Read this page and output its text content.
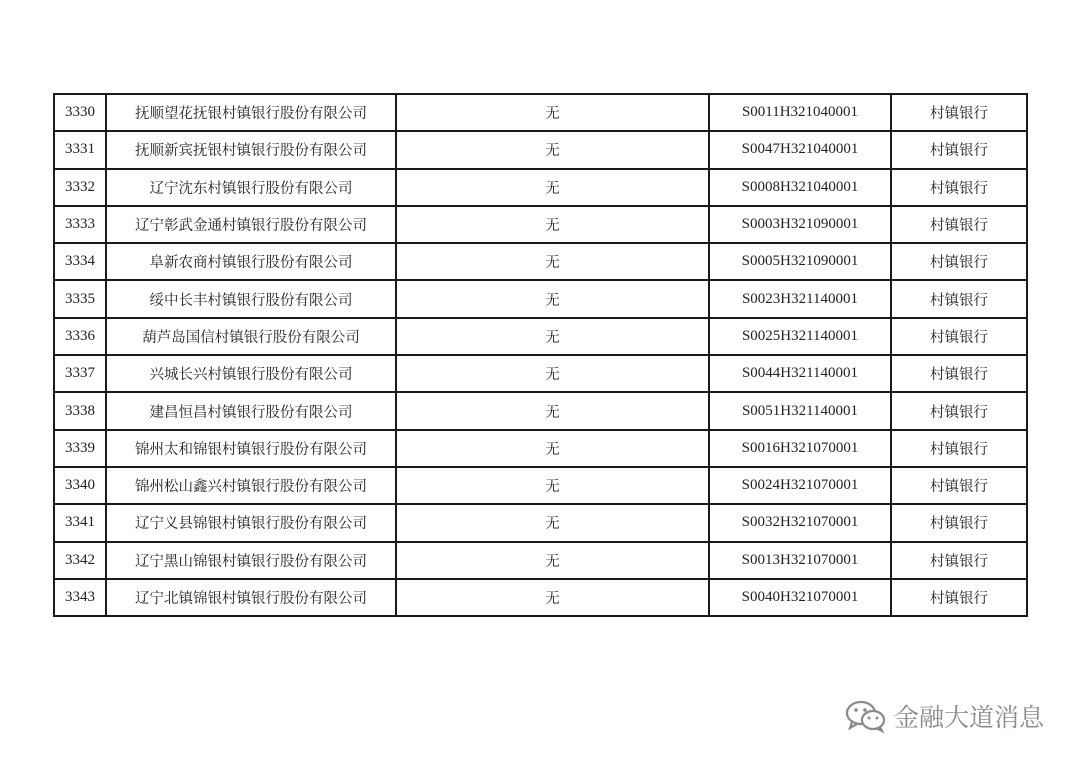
3330	抚顺望花抚银村镇银行股份有限公司	无	S0011H321040001	村镇银行
3331	抚顺新宾抚银村镇银行股份有限公司	无	S0047H321040001	村镇银行
3332	辽宁沈东村镇银行股份有限公司	无	S0008H321040001	村镇银行
3333	辽宁彰武金通村镇银行股份有限公司	无	S0003H321090001	村镇银行
3334	阜新农商村镇银行股份有限公司	无	S0005H321090001	村镇银行
3335	绥中长丰村镇银行股份有限公司	无	S0023H321140001	村镇银行
3336	葫芦岛国信村镇银行股份有限公司	无	S0025H321140001	村镇银行
3337	兴城长兴村镇银行股份有限公司	无	S0044H321140001	村镇银行
3338	建昌恒昌村镇银行股份有限公司	无	S0051H321140001	村镇银行
3339	锦州太和锦银村镇银行股份有限公司	无	S0016H321070001	村镇银行
3340	锦州松山鑫兴村镇银行股份有限公司	无	S0024H321070001	村镇银行
3341	辽宁义县锦银村镇银行股份有限公司	无	S0032H321070001	村镇银行
3342	辽宁黑山锦银村镇银行股份有限公司	无	S0013H321070001	村镇银行
3343	辽宁北镇锦银村镇银行股份有限公司	无	S0040H321070001	村镇银行
金融大道消息
